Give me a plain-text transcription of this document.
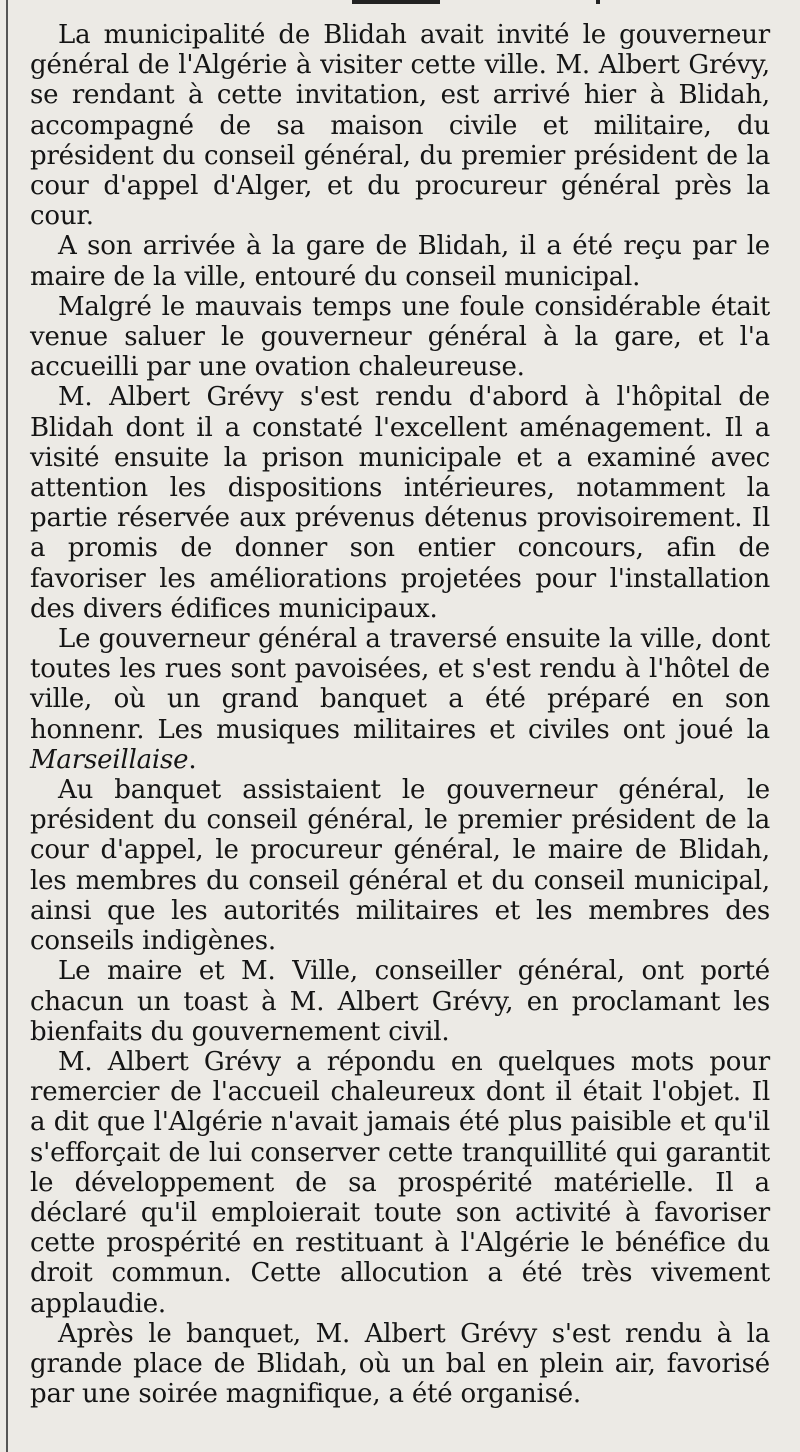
La municipalité de Blidah avait invité le gouverneur général de l'Algérie à visiter cette ville. M. Albert Grévy, se rendant à cette invitation, est arrivé hier à Blidah, accompagné de sa maison civile et militaire, du président du conseil général, du premier président de la cour d'appel d'Alger, et du procureur général près la cour.

A son arrivée à la gare de Blidah, il a été reçu par le maire de la ville, entouré du conseil municipal.

Malgré le mauvais temps une foule considérable était venue saluer le gouverneur général à la gare, et l'a accueilli par une ovation chaleureuse.

M. Albert Grévy s'est rendu d'abord à l'hôpital de Blidah dont il a constaté l'excellent aménagement. Il a visité ensuite la prison municipale et a examiné avec attention les dispositions intérieures, notamment la partie réservée aux prévenus détenus provisoirement. Il a promis de donner son entier concours, afin de favoriser les améliorations projetées pour l'installation des divers édifices municipaux.

Le gouverneur général a traversé ensuite la ville, dont toutes les rues sont pavoisées, et s'est rendu à l'hôtel de ville, où un grand banquet a été préparé en son honnenr. Les musiques militaires et civiles ont joué la Marseillaise.

Au banquet assistaient le gouverneur général, le président du conseil général, le premier président de la cour d'appel, le procureur général, le maire de Blidah, les membres du conseil général et du conseil municipal, ainsi que les autorités militaires et les membres des conseils indigènes.

Le maire et M. Ville, conseiller général, ont porté chacun un toast à M. Albert Grévy, en proclamant les bienfaits du gouvernement civil.

M. Albert Grévy a répondu en quelques mots pour remercier de l'accueil chaleureux dont il était l'objet. Il a dit que l'Algérie n'avait jamais été plus paisible et qu'il s'efforçait de lui conserver cette tranquillité qui garantit le développement de sa prospérité matérielle. Il a déclaré qu'il emploierait toute son activité à favoriser cette prospérité en restituant à l'Algérie le bénéfice du droit commun. Cette allocution a été très vivement applaudie.

Après le banquet, M. Albert Grévy s'est rendu à la grande place de Blidah, où un bal en plein air, favorisé par une soirée magnifique, a été organisé.
